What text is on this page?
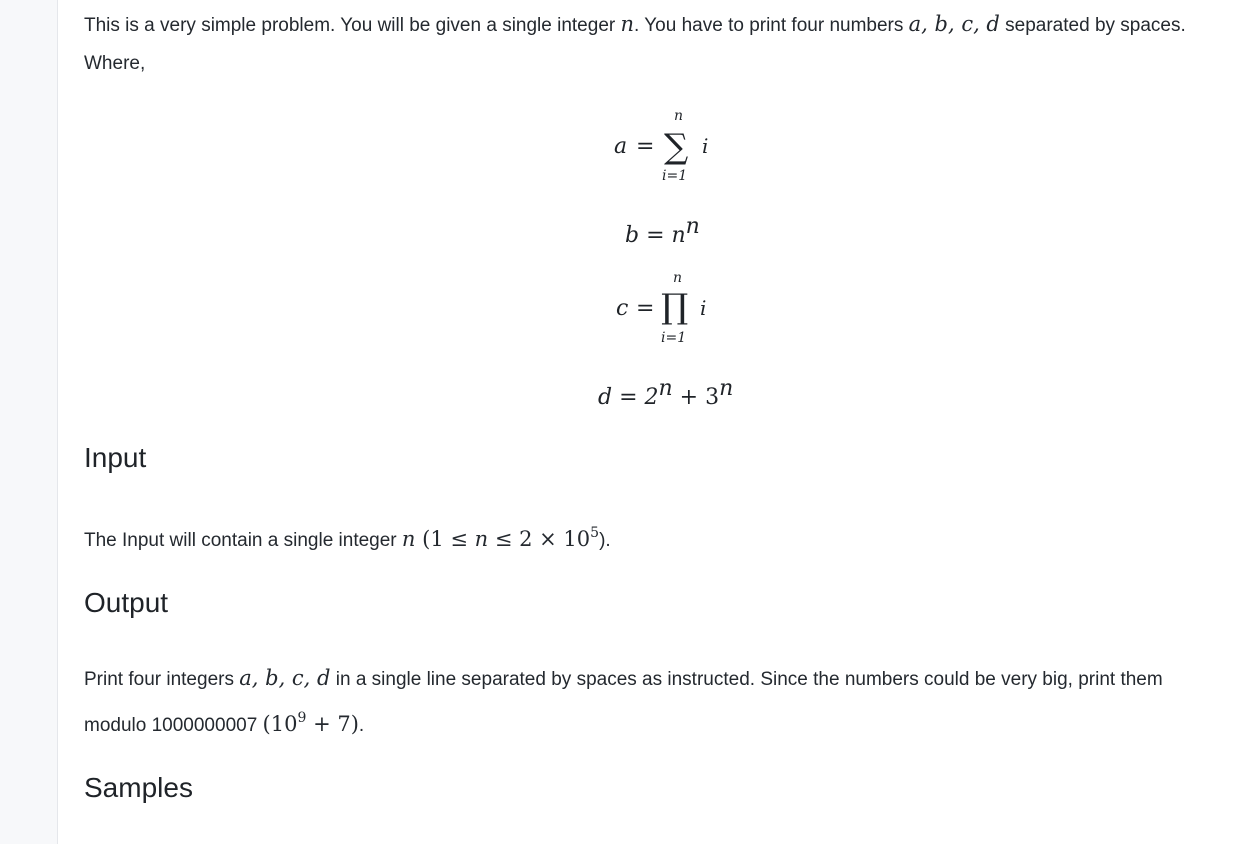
This is a very simple problem. You will be given a single integer n. You have to print four numbers a, b, c, d separated by spaces.
Where,
a =
n
∑
i=1
i
b = nn
c =
n
∏
i=1
i
d = 2n + 3n
Input
The Input will contain a single integer n $(1 \le n \le 2 \times 10^5)$.
Output
Print four integers a, b, c, d in a single line separated by spaces as instructed. Since the numbers could be very big, print them
modulo 1000000007 $(10^9 + 7)$.
Samples
